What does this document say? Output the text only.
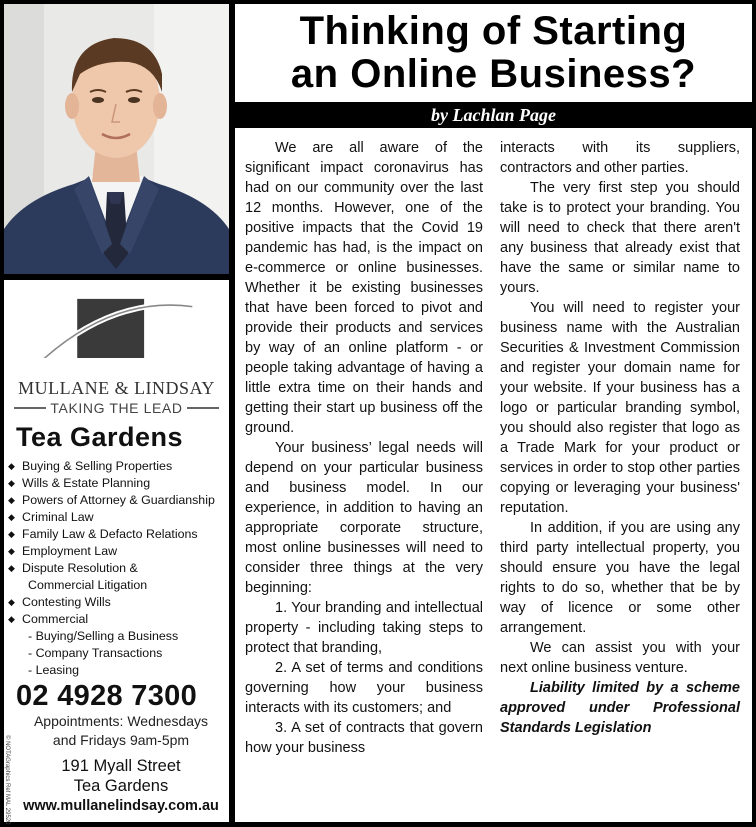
MULLANE & LINDSAY
TAKING THE LEAD
Tea Gardens
◆ Buying & Selling Properties
◆ Wills & Estate Planning
◆ Powers of Attorney & Guardianship
◆ Criminal Law
◆ Family Law & Defacto Relations
◆ Employment Law
◆ Dispute Resolution &
Commercial Litigation
◆ Contesting Wills
◆ Commercial
- Buying/Selling a Business
- Company Transactions
- Leasing
© NOTAGraphics Ref MAL 29520
02 4928 7300
Appointments: Wednesdays
and Fridays 9am-5pm
191 Myall Street
Tea Gardens
www.mullanelindsay.com.au
Thinking of Starting
an Online Business?
by Lachlan Page

We are all aware of the significant impact coronavirus has had on our community over the last 12 months. However, one of the positive impacts that the Covid 19 pandemic has had, is the impact on e-commerce or online businesses. Whether it be existing businesses that have been forced to pivot and provide their products and services by way of an online platform - or people taking advantage of having a little extra time on their hands and getting their start up business off the ground.

Your business’ legal needs will depend on your particular business and business model. In our experience, in addition to having an appropriate corporate structure, most online businesses will need to consider three things at the very beginning:

1. Your branding and intellectual property - including taking steps to protect that branding,

2. A set of terms and conditions governing how your business interacts with its customers; and

3. A set of contracts that govern how your business

interacts with its suppliers, contractors and other parties.

The very first step you should take is to protect your branding. You will need to check that there aren't any business that already exist that have the same or similar name to yours.

You will need to register your business name with the Australian Securities & Investment Commission and register your domain name for your website. If your business has a logo or particular branding symbol, you should also register that logo as a Trade Mark for your product or services in order to stop other parties copying or leveraging your business' reputation.

In addition, if you are using any third party intellectual property, you should ensure you have the legal rights to do so, whether that be by way of licence or some other arrangement.

We can assist you with your next online business venture.

Liability limited by a scheme approved under Professional Standards Legislation
